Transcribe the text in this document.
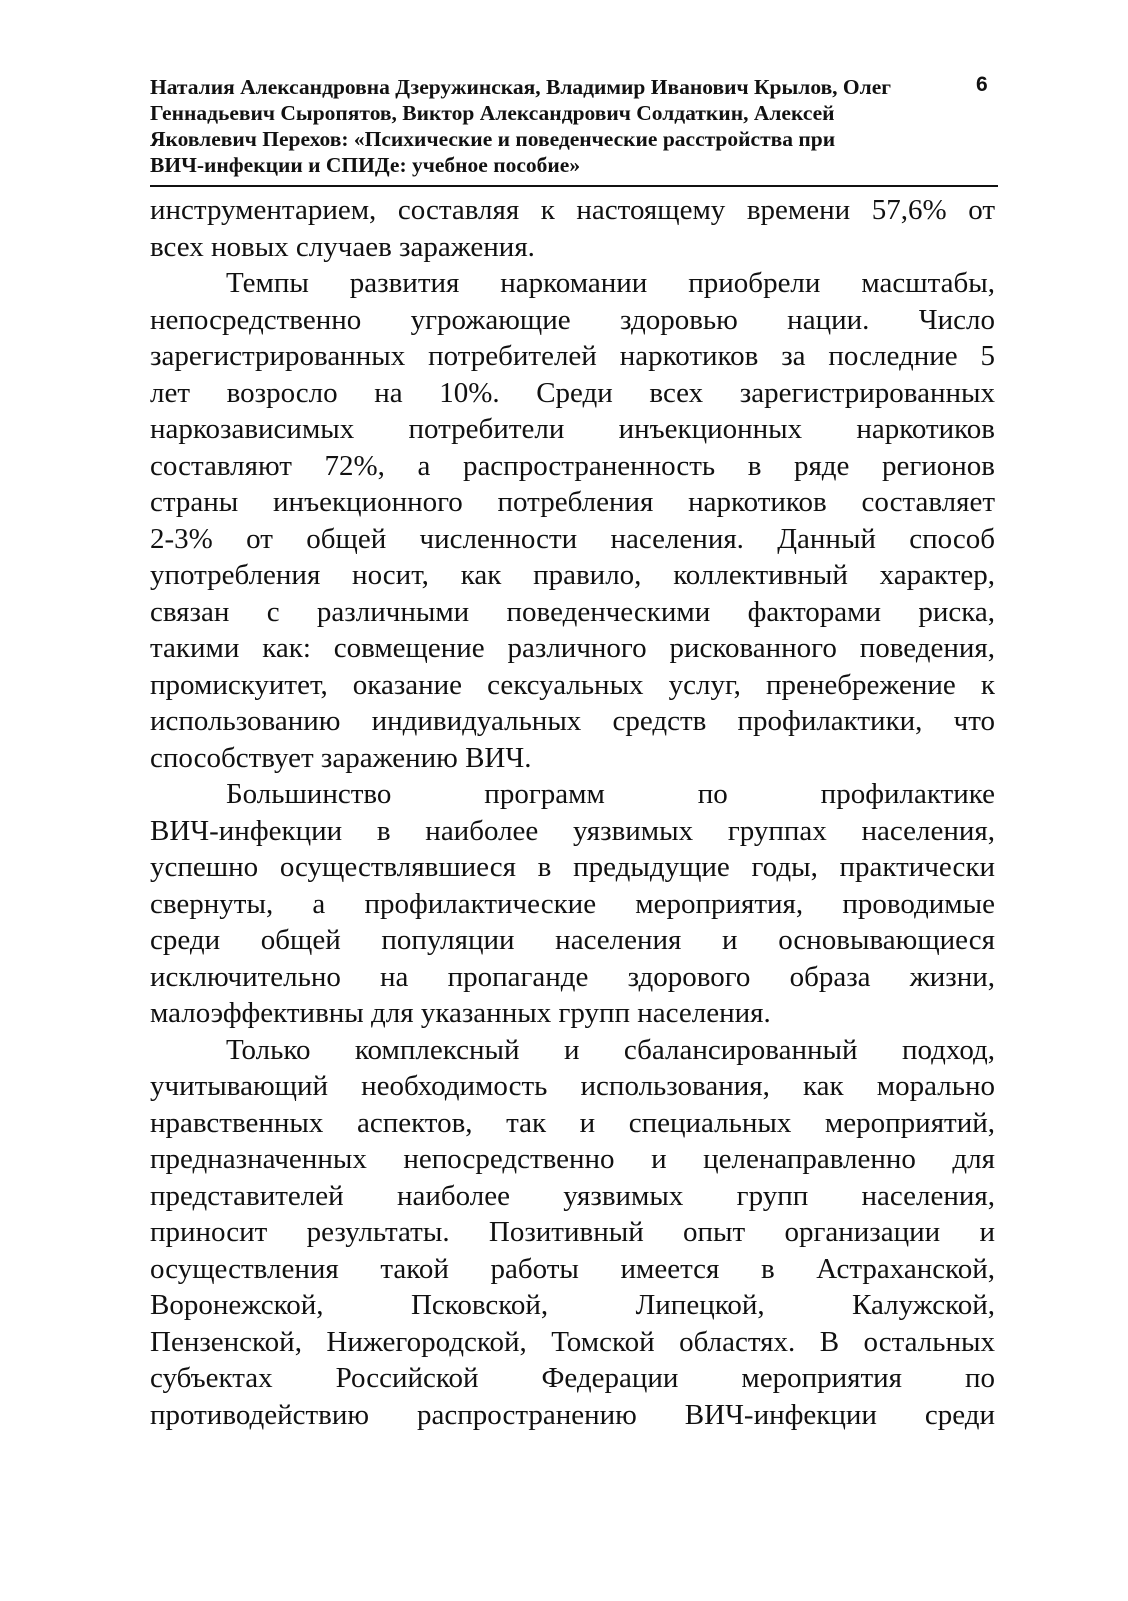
Наталия Александровна Дзеружинская, Владимир Иванович Крылов, Олег
Геннадьевич Сыропятов, Виктор Александрович Солдаткин, Алексей
Яковлевич Перехов: «Психические и поведенческие расстройства при
ВИЧ-инфекции и СПИДе: учебное пособие»
6
инструментарием, составляя к настоящему времени 57,6% от
всех новых случаев заражения.
Темпы развития наркомании приобрели масштабы,
непосредственно угрожающие здоровью нации. Число
зарегистрированных потребителей наркотиков за последние 5
лет возросло на 10%. Среди всех зарегистрированных
наркозависимых потребители инъекционных наркотиков
составляют 72%, а распространенность в ряде регионов
страны инъекционного потребления наркотиков составляет
2-3% от общей численности населения. Данный способ
употребления носит, как правило, коллективный характер,
связан с различными поведенческими факторами риска,
такими как: совмещение различного рискованного поведения,
промискуитет, оказание сексуальных услуг, пренебрежение к
использованию индивидуальных средств профилактики, что
способствует заражению ВИЧ.
Большинство программ по профилактике
ВИЧ-инфекции в наиболее уязвимых группах населения,
успешно осуществлявшиеся в предыдущие годы, практически
свернуты, а профилактические мероприятия, проводимые
среди общей популяции населения и основывающиеся
исключительно на пропаганде здорового образа жизни,
малоэффективны для указанных групп населения.
Только комплексный и сбалансированный подход,
учитывающий необходимость использования, как морально
нравственных аспектов, так и специальных мероприятий,
предназначенных непосредственно и целенаправленно для
представителей наиболее уязвимых групп населения,
приносит результаты. Позитивный опыт организации и
осуществления такой работы имеется в Астраханской,
Воронежской, Псковской, Липецкой, Калужской,
Пензенской, Нижегородской, Томской областях. В остальных
субъектах Российской Федерации мероприятия по
противодействию распространению ВИЧ-инфекции среди
